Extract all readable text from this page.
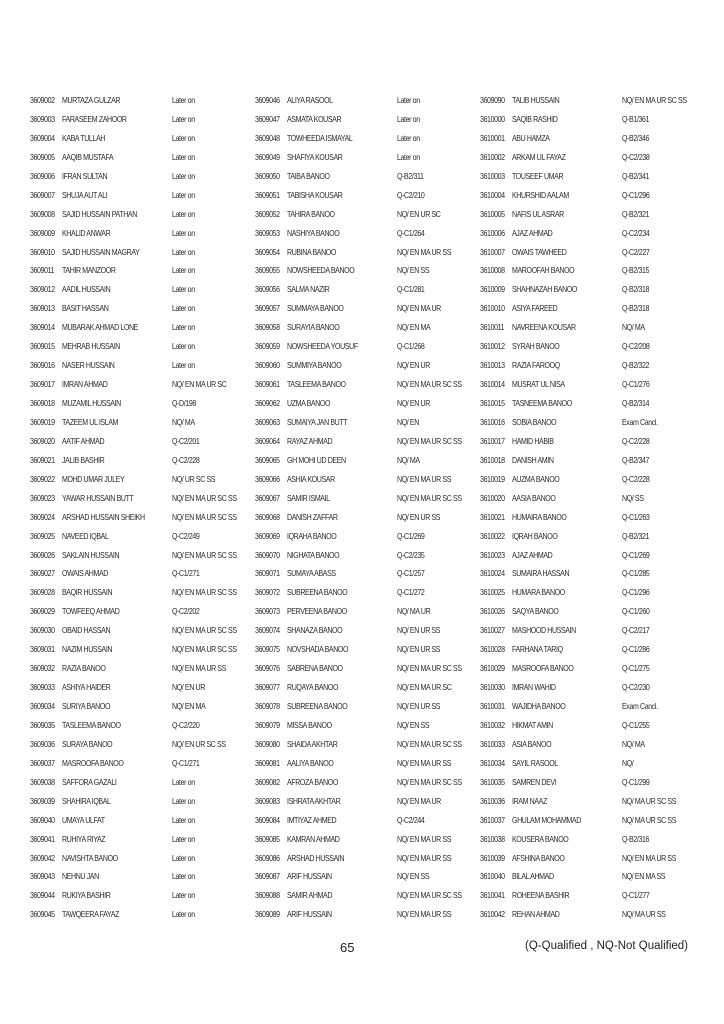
3609002 MURTAZA GULZAR	Later on
3609003 FARASEEM ZAHOOR	Later on
3609004 KABA TULLAH	Later on
3609005 AAQIB MUSTAFA	Later on
3609006 IFRAN SULTAN	Later on
3609007 SHUJA AUT ALI	Later on
3609008 SAJID HUSSAIN PATHAN	Later on
3609009 KHALID ANWAR	Later on
3609010 SAJID HUSSAIN MAGRAY	Later on
3609011 TAHIR MANZOOR	Later on
3609012 AADIL HUSSAIN	Later on
3609013 BASIT HASSAN	Later on
3609014 MUBARAK AHMAD LONE	Later on
3609015 MEHRAB HUSSAIN	Later on
3609016 NASER HUSSAIN	Later on
3609017 IMRAN AHMAD	NQ/ EN MA UR SC
3609018 MUZAMIL HUSSAIN	Q-D/198
3609019 TAZEEM UL ISLAM	NQ/ MA
3609020 AATIF AHMAD	Q-C2/201
3609021 JALIB BASHIR	Q-C2/228
3609022 MOHD UMAR JULEY	NQ/ UR SC SS
3609023 YAWAR HUSSAIN BUTT	NQ/ EN MA UR SC SS
3609024 ARSHAD HUSSAIN SHEIKH	NQ/ EN MA UR SC SS
3609025 NAVEED IQBAL	Q-C2/249
3609026 SAKLAIN HUSSAIN	NQ/ EN MA UR SC SS
3609027 OWAIS AHMAD	Q-C1/271
3609028 BAQIR HUSSAIN	NQ/ EN MA UR SC SS
3609029 TOWFEEQ AHMAD	Q-C2/202
3609030 OBAID HASSAN	NQ/ EN MA UR SC SS
3609031 NAZIM HUSSAIN	NQ/ EN MA UR SC SS
3609032 RAZIA BANOO	NQ/ EN MA UR SS
3609033 ASHIYA HAIDER	NQ/ EN UR
3609034 SURIYA BANOO	NQ/ EN MA
3609035 TASLEEMA BANOO	Q-C2/220
3609036 SURAYA BANOO	NQ/ EN UR SC SS
3609037 MASROOFA BANOO	Q-C1/271
3609038 SAFFORA GAZALI	Later on
3609039 SHAHIRA IQBAL	Later on
3609040 UMAYA ULFAT	Later on
3609041 RUHIYA RIYAZ	Later on
3609042 NAVISHTA BANOO	Later on
3609043 NEHNU JAN	Later on
3609044 RUKIYA BASHIR	Later on
3609045 TAWQEERA FAYAZ	Later on
3609046 ALIYA RASOOL	Later on
3609047 ASMATA KOUSAR	Later on
3609048 TOWHEEDA ISMAYAL	Later on
3609049 SHAFIYA KOUSAR	Later on
3609050 TAIBA BANOO	Q-B2/311
3609051 TABISHA KOUSAR	Q-C2/210
3609052 TAHIRA BANOO	NQ/ EN UR SC
3609053 NASHIYA BANOO	Q-C1/264
3609054 RUBINA BANOO	NQ/ EN MA UR SS
3609055 NOWSHEEDA BANOO	NQ/ EN SS
3609056 SALMA NAZIR	Q-C1/281
3609057 SUMMAYA BANOO	NQ/ EN MA UR
3609058 SURAYIA BANOO	NQ/ EN MA
3609059 NOWSHEEDA YOUSUF	Q-C1/268
3609060 SUMMIYA BANOO	NQ/ EN UR
3609061 TASLEEMA BANOO	NQ/ EN MA UR SC SS
3609062 UZMA BANOO	NQ/ EN UR
3609063 SUMAIYA JAN BUTT	NQ/ EN
3609064 RAYAZ AHMAD	NQ/ EN MA UR SC SS
3609065 GH MOHI UD DEEN	NQ/ MA
3609066 ASHIA KOUSAR	NQ/ EN MA UR SS
3609067 SAMIR ISMAIL	NQ/ EN MA UR SC SS
3609068 DANISH ZAFFAR	NQ/ EN UR SS
3609069 IQRAHA BANOO	Q-C1/269
3609070 NIGHATA BANOO	Q-C2/235
3609071 SUMAYA ABASS	Q-C1/257
3609072 SUBREENA BANOO	Q-C1/272
3609073 PERVEENA BANOO	NQ/ MA UR
3609074 SHANAZA BANOO	NQ/ EN UR SS
3609075 NOVSHADA BANOO	NQ/ EN UR SS
3609076 SABRENA BANOO	NQ/ EN MA UR SC SS
3609077 RUQAYA BANOO	NQ/ EN MA UR SC
3609078 SUBREENA BANOO	NQ/ EN UR SS
3609079 MISSA BANOO	NQ/ EN SS
3609080 SHAIDA AKHTAR	NQ/ EN MA UR SC SS
3609081 AALIYA BANOO	NQ/ EN MA UR SS
3609082 AFROZA BANOO	NQ/ EN MA UR SC SS
3609083 ISHRATA AKHTAR	NQ/ EN MA UR
3609084 IMTIYAZ AHMED	Q-C2/244
3609085 KAMRAN AHMAD	NQ/ EN MA UR SS
3609086 ARSHAD HUSSAIN	NQ/ EN MA UR SS
3609087 ARIF HUSSAIN	NQ/ EN SS
3609088 SAMIR AHMAD	NQ/ EN MA UR SC SS
3609089 ARIF HUSSAIN	NQ/ EN MA UR SS
3609090 TALIB HUSSAIN	NQ/ EN MA UR SC SS
3610000 SAQIB RASHID	Q-B1/361
3610001 ABU HAMZA	Q-B2/346
3610002 ARKAM UL FAYAZ	Q-C2/238
3610003 TOUSEEF UMAR	Q-B2/341
3610004 KHURSHID AALAM	Q-C1/296
3610005 NAFIS UL ASRAR	Q-B2/321
3610006 AJAZ AHMAD	Q-C2/234
3610007 OWAIS TAWHEED	Q-C2/227
3610008 MAROOFAH BANOO	Q-B2/315
3610009 SHAHNAZAH BANOO	Q-B2/318
3610010 ASIYA FAREED	Q-B2/318
3610011 NAVREENA KOUSAR	NQ/ MA
3610012 SYRAH BANOO	Q-C2/208
3610013 RAZIA FAROOQ	Q-B2/322
3610014 MUSRAT UL NISA	Q-C1/276
3610015 TASNEEMA BANOO	Q-B2/314
3610016 SOBIA BANOO	Exam Cancl.
3610017 HAMID HABIB	Q-C2/228
3610018 DANISH AMIN	Q-B2/347
3610019 AUZMA BANOO	Q-C2/228
3610020 AASIA BANOO	NQ/ SS
3610021 HUMAIRA BANOO	Q-C1/263
3610022 IQRAH BANOO	Q-B2/321
3610023 AJAZ AHMAD	Q-C1/269
3610024 SUMAIRA HASSAN	Q-C1/285
3610025 HUMARA BANOO	Q-C1/296
3610026 SAQYA BANOO	Q-C1/260
3610027 MASHOOD HUSSAIN	Q-C2/217
3610028 FARHANA TARIQ	Q-C1/286
3610029 MASROOFA BANOO	Q-C1/275
3610030 IMRAN WAHID	Q-C2/230
3610031 WAJIDHA BANOO	Exam Cancl.
3610032 HIKMAT AMIN	Q-C1/255
3610033 ASIA BANOO	NQ/ MA
3610034 SAYIL RASOOL	NQ/
3610035 SAMREN DEVI	Q-C1/299
3610036 IRAM NAAZ	NQ/ MA UR SC SS
3610037 GHULAM MOHAMMAD	NQ/ MA UR SC SS
3610038 KOUSERA BANOO	Q-B2/316
3610039 AFSHINA BANOO	NQ/ EN MA UR SS
3610040 BILAL AHMAD	NQ/ EN MA SS
3610041 ROHEENA BASHIR	Q-C1/277
3610042 REHAN AHMAD	NQ/ MA UR SS
65	(Q-Qualified , NQ-Not Qualified)
